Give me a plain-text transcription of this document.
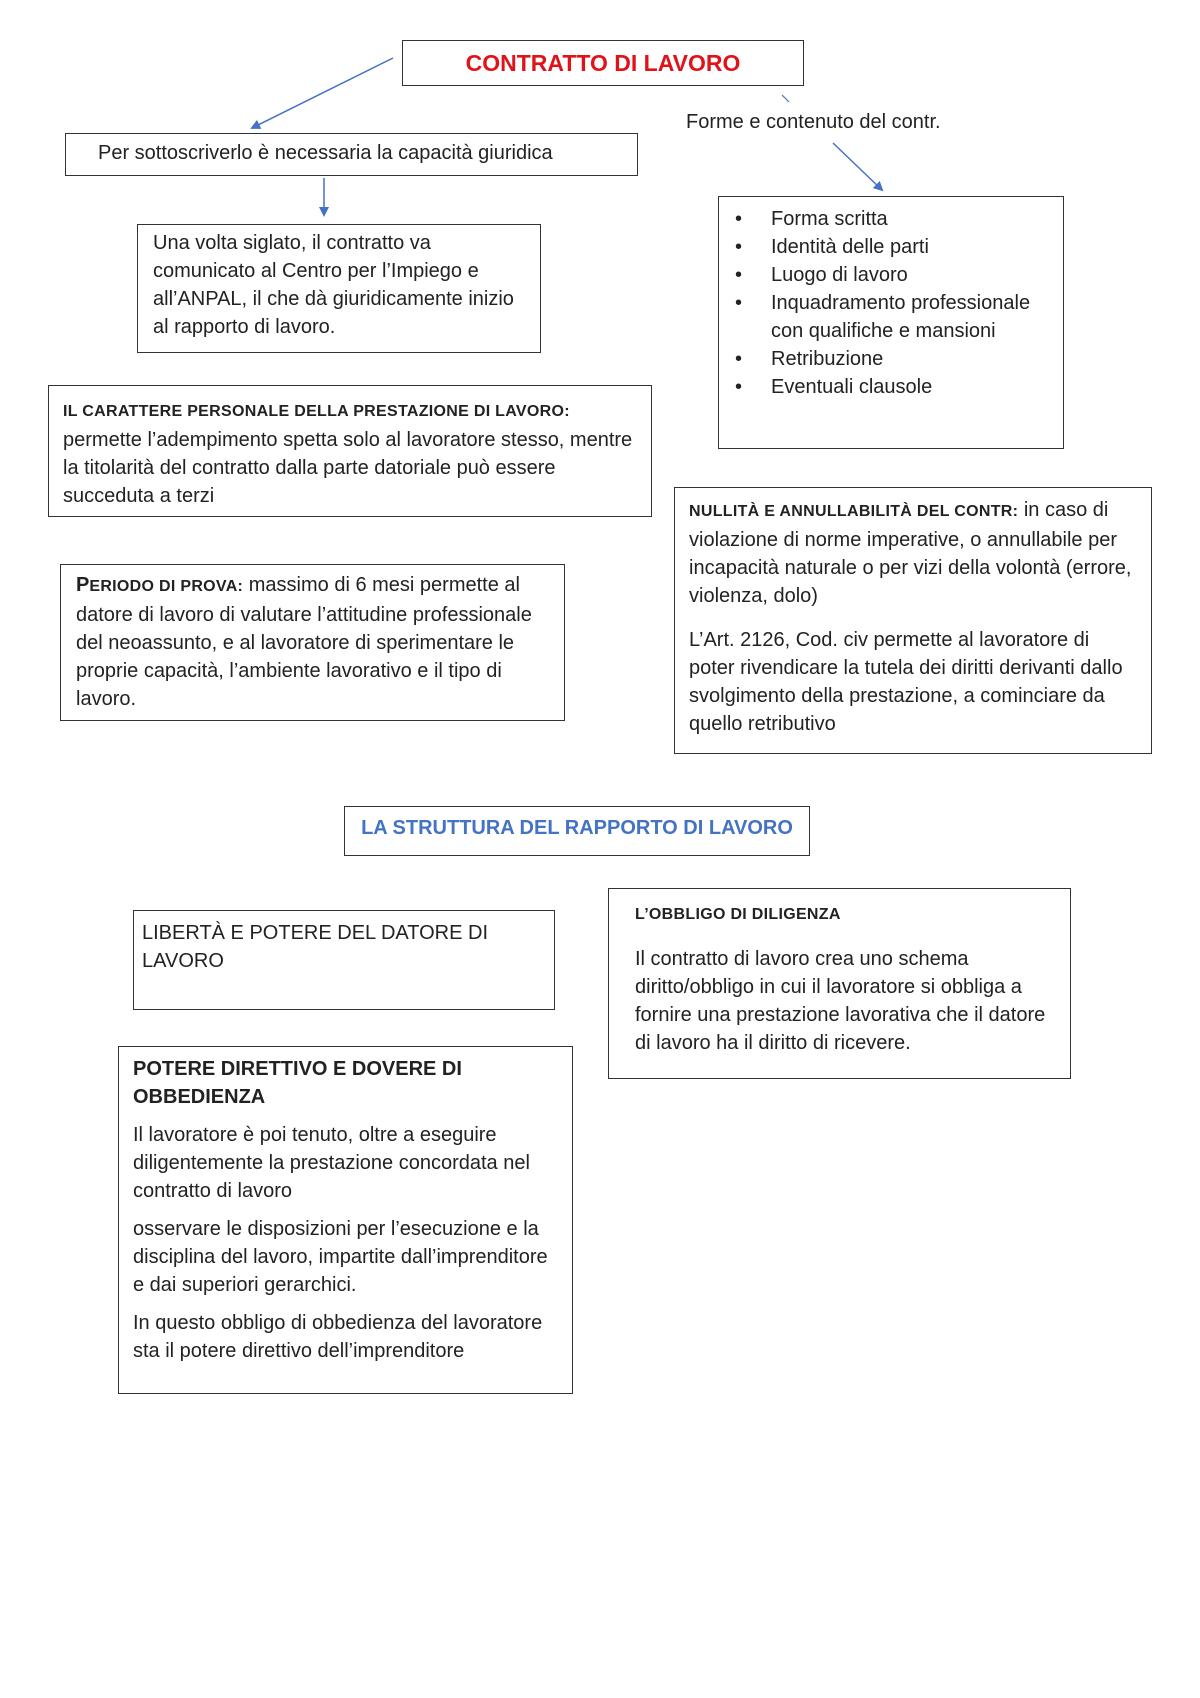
CONTRATTO DI LAVORO
Forme e contenuto del contr.
Per sottoscriverlo è necessaria la capacità giuridica
Una volta siglato, il contratto va comunicato al Centro per l’Impiego e all’ANPAL, il che dà giuridicamente inizio al rapporto di lavoro.
• Forma scritta
• Identità delle parti
• Luogo di lavoro
• Inquadramento professionale con qualifiche e mansioni
• Retribuzione
• Eventuali clausole
IL CARATTERE PERSONALE DELLA PRESTAZIONE DI LAVORO:
permette l’adempimento spetta solo al lavoratore stesso, mentre la titolarità del contratto dalla parte datoriale può essere succeduta a terzi

NULLITÀ E ANNULLABILITÀ DEL CONTR: in caso di violazione di norme imperative, o annullabile per incapacità naturale o per vizi della volontà (errore, violenza, dolo)

L’Art. 2126, Cod. civ permette al lavoratore di poter rivendicare la tutela dei diritti derivanti dallo svolgimento della prestazione, a cominciare da quello retributivo

PERIODO DI PROVA: massimo di 6 mesi permette al datore di lavoro di valutare l’attitudine professionale del neoassunto, e al lavoratore di sperimentare le proprie capacità, l’ambiente lavorativo e il tipo di lavoro.
LA STRUTTURA DEL RAPPORTO DI LAVORO
LIBERTÀ E POTERE DEL DATORE DI LAVORO

L’OBBLIGO DI DILIGENZA

Il contratto di lavoro crea uno schema diritto/obbligo in cui il lavoratore si obbliga a fornire una prestazione lavorativa che il datore di lavoro ha il diritto di ricevere.

POTERE DIRETTIVO E DOVERE DI OBBEDIENZA

Il lavoratore è poi tenuto, oltre a eseguire diligentemente la prestazione concordata nel contratto di lavoro

osservare le disposizioni per l’esecuzione e la disciplina del lavoro, impartite dall’imprenditore e dai superiori gerarchici.

In questo obbligo di obbedienza del lavoratore sta il potere direttivo dell’imprenditore
